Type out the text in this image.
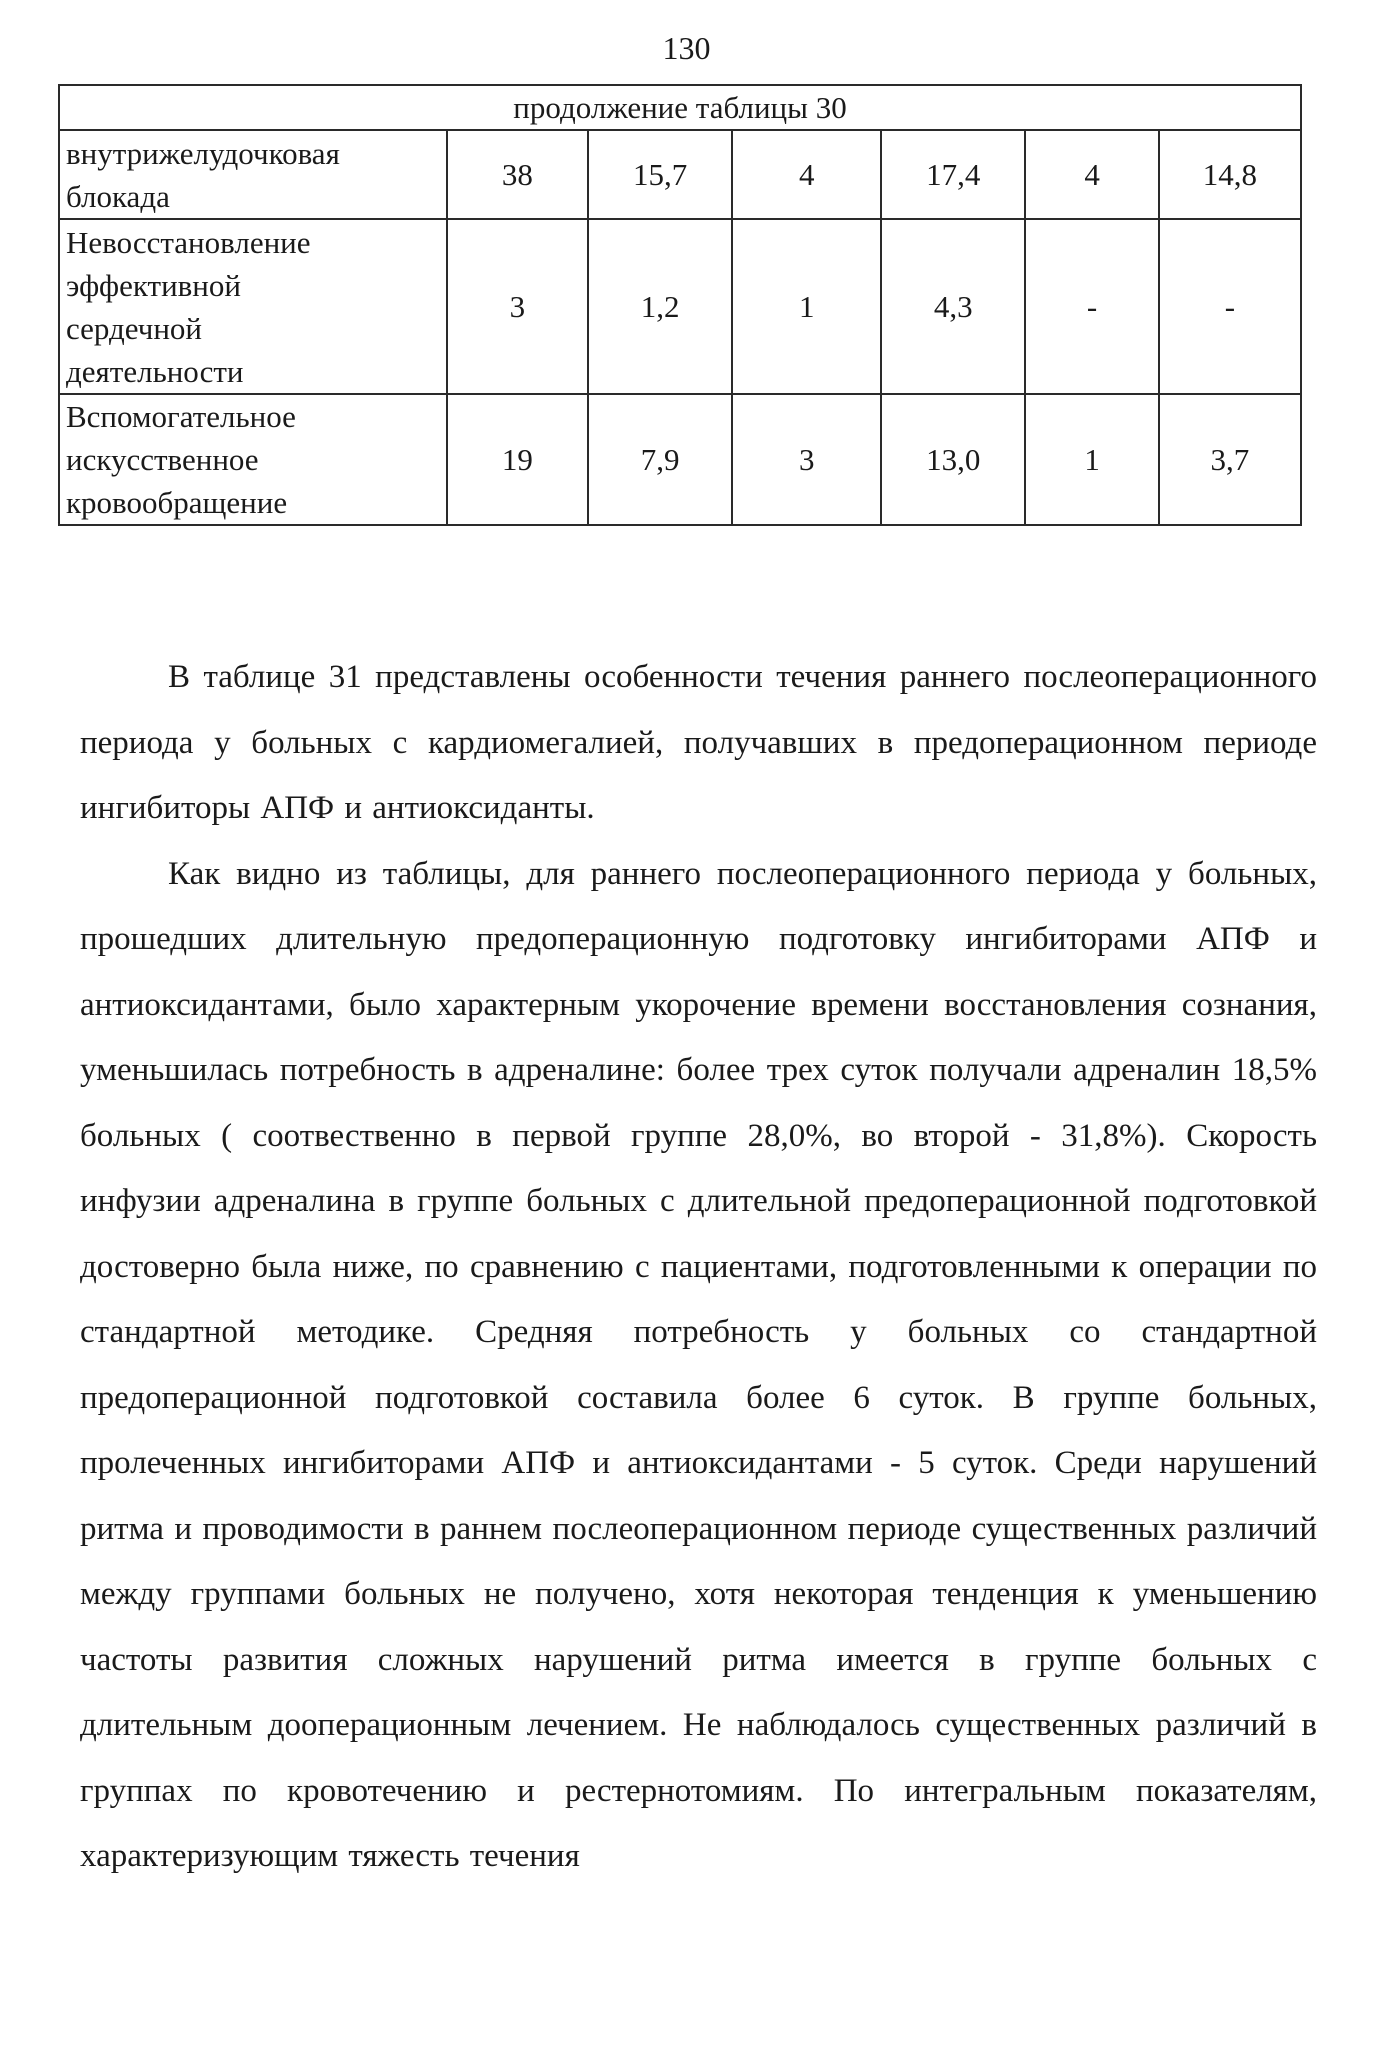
130
продолжение таблицы 30						

внутрижелудочковая
блокада	38	15,7	4	17,4	4	14,8

Невосстановление
эффективной
сердечной
деятельности	3	1,2	1	4,3	-	-

Вспомогательное
искусственное
кровообращение	19	7,9	3	13,0	1	3,7

В таблице 31 представлены особенности течения раннего послеоперационного периода у больных с кардиомегалией, получавших в предоперационном периоде ингибиторы АПФ и антиоксиданты.

Как видно из таблицы, для раннего послеоперационного периода у больных, прошедших длительную предоперационную подготовку ингибиторами АПФ и антиоксидантами, было характерным укорочение времени восстановления сознания, уменьшилась потребность в адреналине: более трех суток получали адреналин 18,5% больных ( соотвественно в первой группе 28,0%, во второй - 31,8%). Скорость инфузии адреналина в группе больных с длительной предоперационной подготовкой достоверно была ниже, по сравнению с пациентами, подготовленными к операции по стандартной методике. Средняя потребность у больных со стандартной предоперационной подготовкой составила более 6 суток. В группе больных, пролеченных ингибиторами АПФ и антиоксидантами - 5 суток. Среди нарушений ритма и проводимости в раннем послеоперационном периоде существенных различий между группами больных не получено, хотя некоторая тенденция к уменьшению частоты развития сложных нарушений ритма имеется в группе больных с длительным дооперационным лечением. Не наблюдалось существенных различий в группах по кровотечению и рестернотомиям. По интегральным показателям, характеризующим тяжесть течения
